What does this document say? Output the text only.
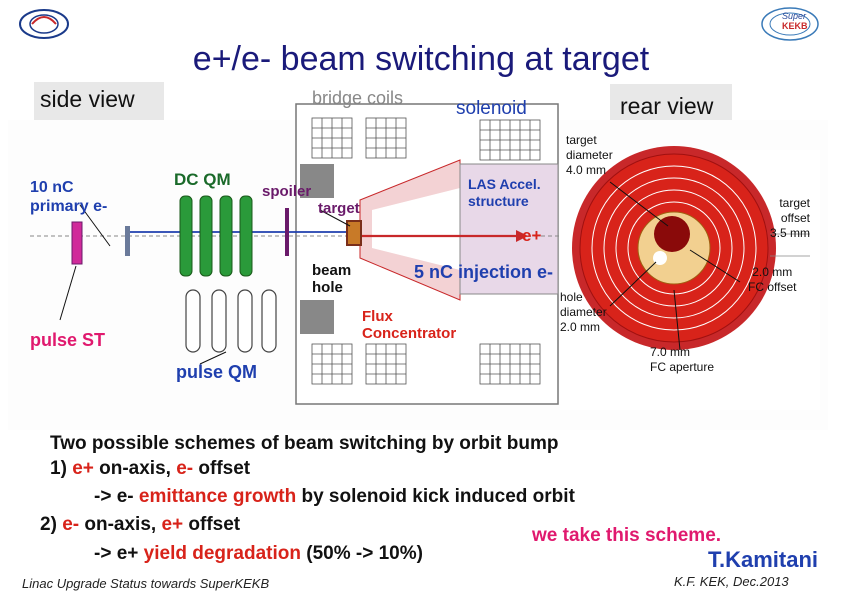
Super
KEKB
e+/e- beam switching at target
side view	rear view
bridge coils	solenoid
10 nC
primary e-
DC QM
spoiler
target
LAS Accel.
structure
e+
beam
hole
5 nC injection e-
Flux
Concentrator
pulse ST
pulse QM
target
diameter
4.0 mm
target
offset
3.5 mm
2.0 mm
FC offset
hole
diameter
2.0 mm
7.0 mm
FC aperture
Two possible schemes of beam switching by orbit bump
1) e+ on-axis, e- offset
-> e- emittance growth by solenoid kick induced orbit
2) e- on-axis, e+ offset
-> e+ yield degradation (50% -> 10%)
we take this scheme.
T.Kamitani
Linac Upgrade Status towards SuperKEKB	K.F. KEK, Dec.2013
